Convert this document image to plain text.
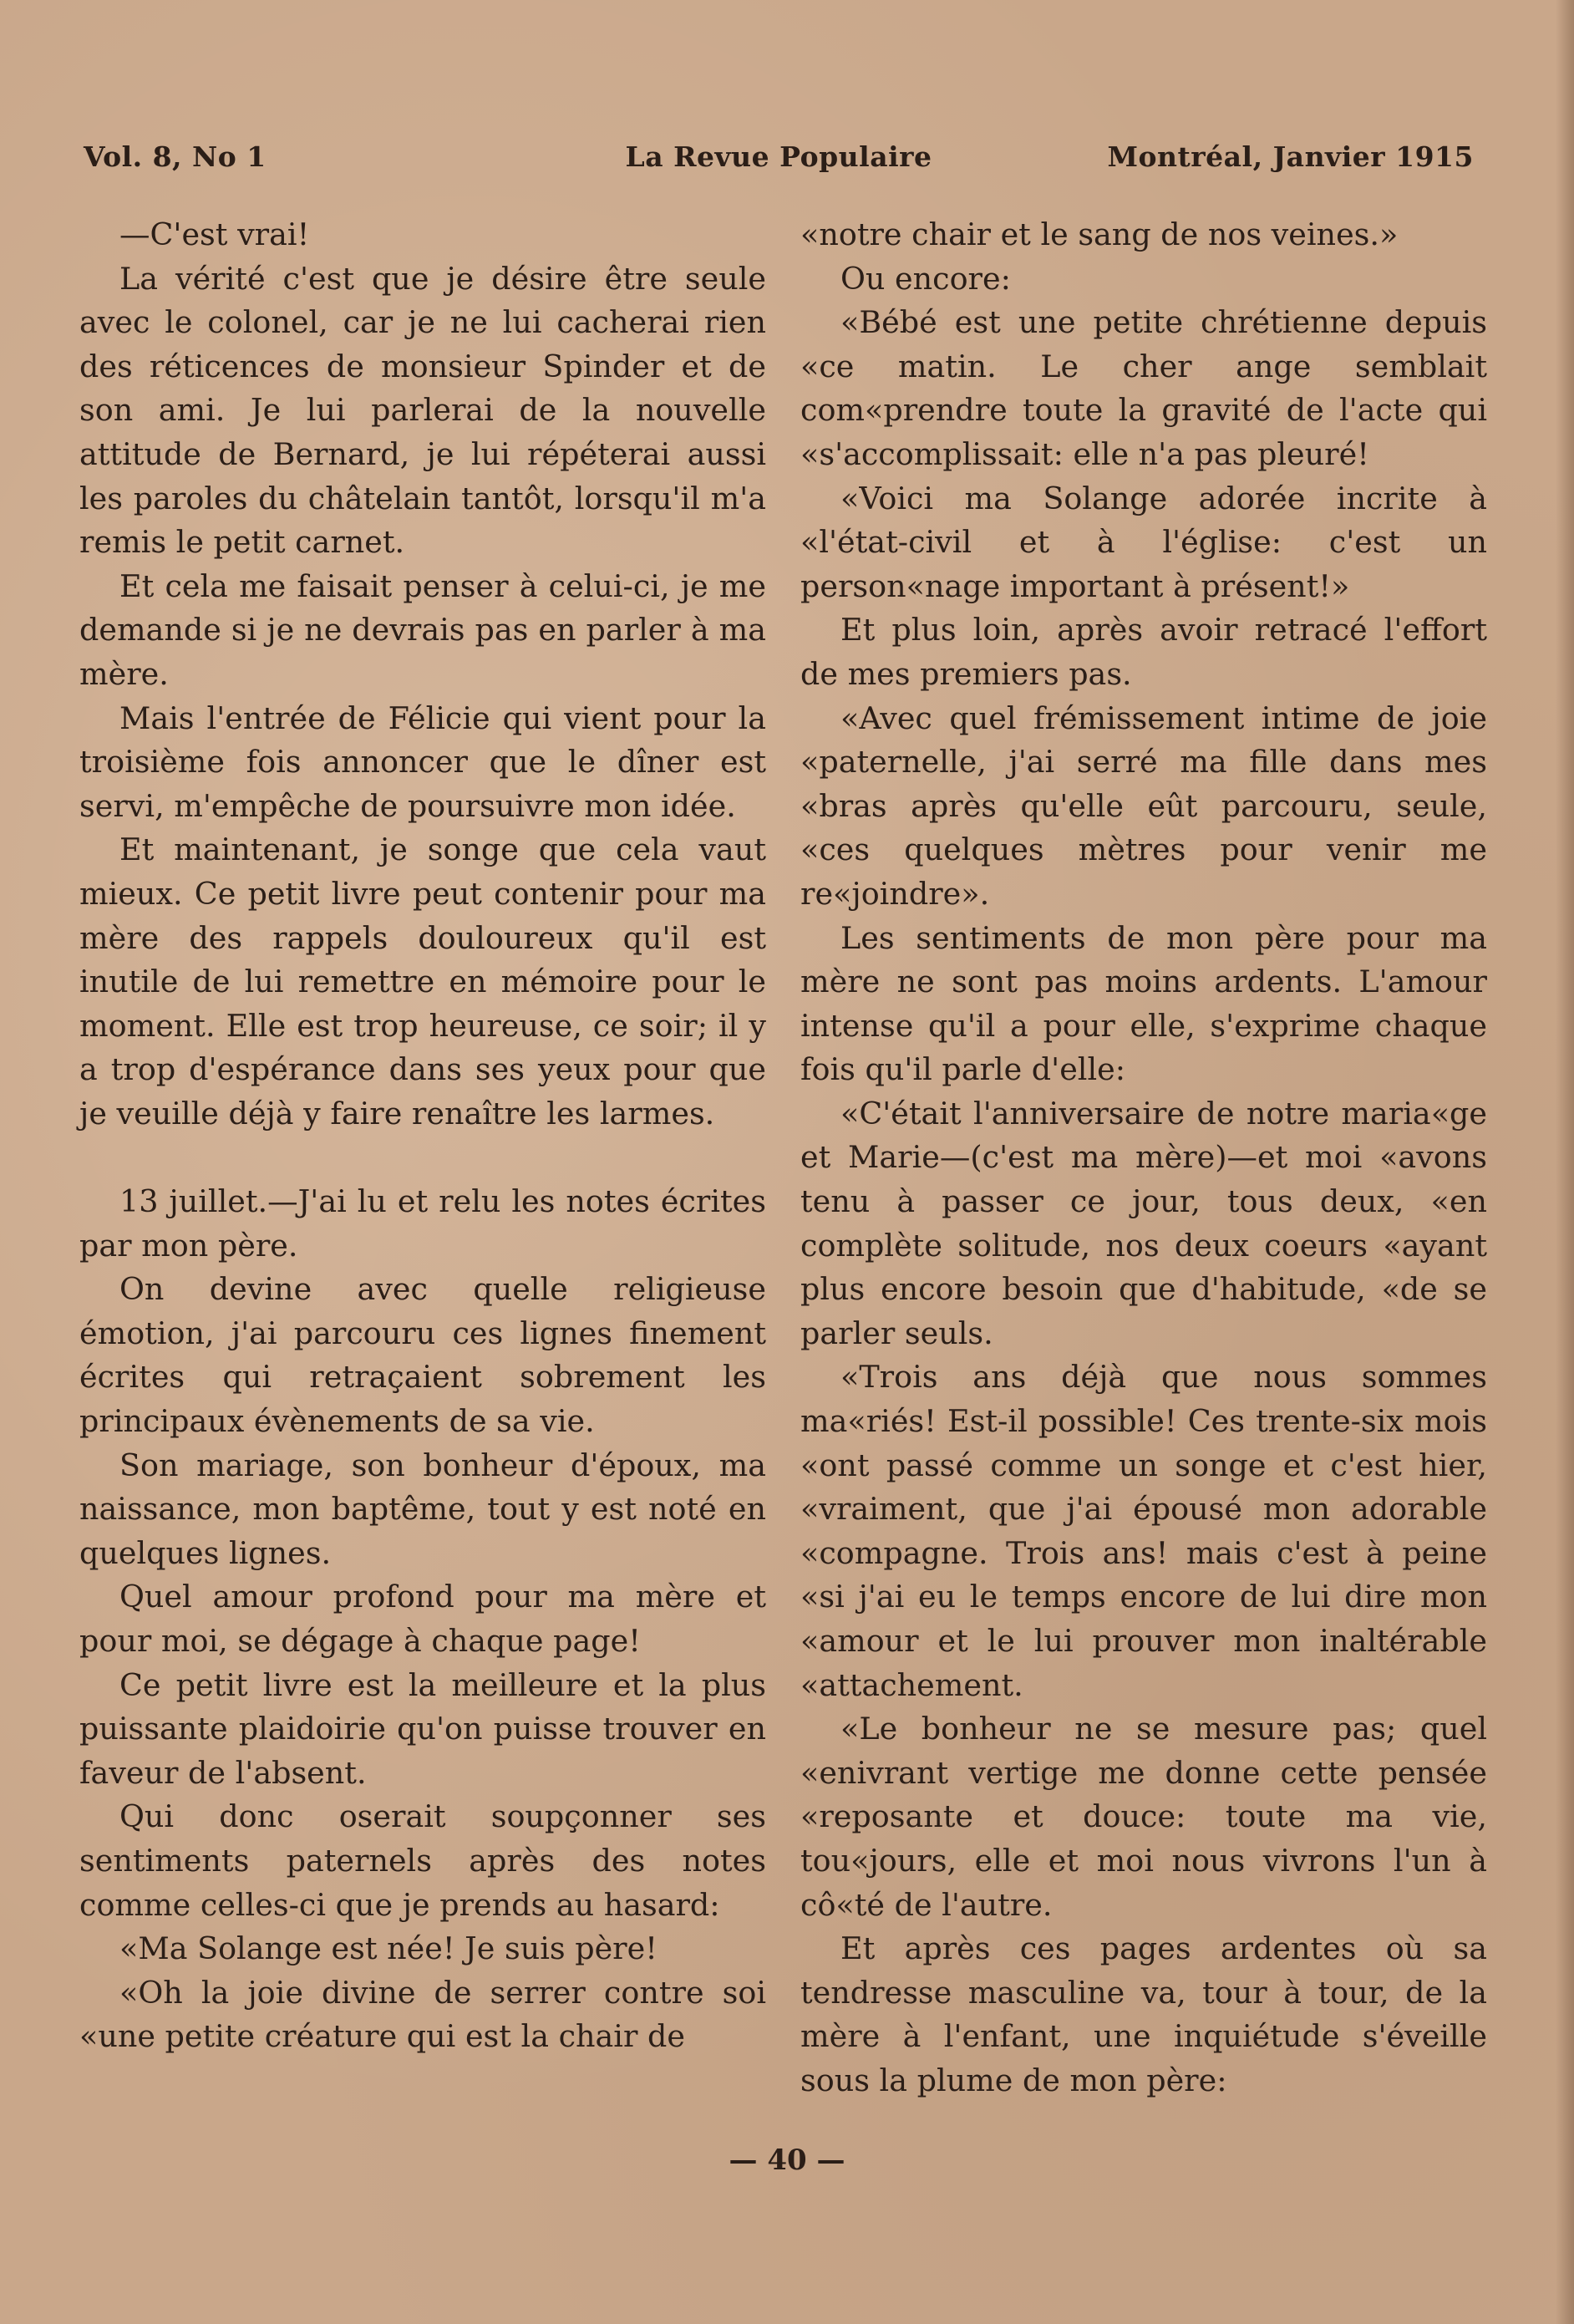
La Revue Populaire
Vol. 8, No 1	Montréal, Janvier 1915

—C'est vrai!

La vérité c'est que je désire être seule avec le colonel, car je ne lui cacherai rien des réticences de monsieur Spinder et de son ami. Je lui parlerai de la nouvelle attitude de Bernard, je lui répéterai aussi les paroles du châtelain tantôt, lorsqu'il m'a remis le petit carnet.

Et cela me faisait penser à celui-ci, je me demande si je ne devrais pas en parler à ma mère.

Mais l'entrée de Félicie qui vient pour la troisième fois annoncer que le dîner est servi, m'empêche de poursuivre mon idée.

Et maintenant, je songe que cela vaut mieux. Ce petit livre peut contenir pour ma mère des rappels douloureux qu'il est inutile de lui remettre en mémoire pour le moment. Elle est trop heureuse, ce soir; il y a trop d'espérance dans ses yeux pour que je veuille déjà y faire renaître les larmes.

13 juillet.—J'ai lu et relu les notes écrites par mon père.

On devine avec quelle religieuse émotion, j'ai parcouru ces lignes finement écrites qui retraçaient sobrement les principaux évènements de sa vie.

Son mariage, son bonheur d'époux, ma naissance, mon baptême, tout y est noté en quelques lignes.

Quel amour profond pour ma mère et pour moi, se dégage à chaque page!

Ce petit livre est la meilleure et la plus puissante plaidoirie qu'on puisse trouver en faveur de l'absent.

Qui donc oserait soupçonner ses sentiments paternels après des notes comme celles-ci que je prends au hasard:

«Ma Solange est née! Je suis père!

«Oh la joie divine de serrer contre soi «une petite créature qui est la chair de

«notre chair et le sang de nos veines.»

Ou encore:

«Bébé est une petite chrétienne depuis «ce matin. Le cher ange semblait com«prendre toute la gravité de l'acte qui «s'accomplissait: elle n'a pas pleuré!

«Voici ma Solange adorée incrite à «l'état-civil et à l'église: c'est un person«nage important à présent!»

Et plus loin, après avoir retracé l'effort de mes premiers pas.

«Avec quel frémissement intime de joie «paternelle, j'ai serré ma fille dans mes «bras après qu'elle eût parcouru, seule, «ces quelques mètres pour venir me re«joindre».

Les sentiments de mon père pour ma mère ne sont pas moins ardents. L'amour intense qu'il a pour elle, s'exprime chaque fois qu'il parle d'elle:

«C'était l'anniversaire de notre maria«ge et Marie—(c'est ma mère)—et moi «avons tenu à passer ce jour, tous deux, «en complète solitude, nos deux coeurs «ayant plus encore besoin que d'habitude, «de se parler seuls.

«Trois ans déjà que nous sommes ma«riés! Est-il possible! Ces trente-six mois «ont passé comme un songe et c'est hier, «vraiment, que j'ai épousé mon adorable «compagne. Trois ans! mais c'est à peine «si j'ai eu le temps encore de lui dire mon «amour et le lui prouver mon inaltérable «attachement.

«Le bonheur ne se mesure pas; quel «enivrant vertige me donne cette pensée «reposante et douce: toute ma vie, tou«jours, elle et moi nous vivrons l'un à cô«té de l'autre.

Et après ces pages ardentes où sa tendresse masculine va, tour à tour, de la mère à l'enfant, une inquiétude s'éveille sous la plume de mon père:

— 40 —
